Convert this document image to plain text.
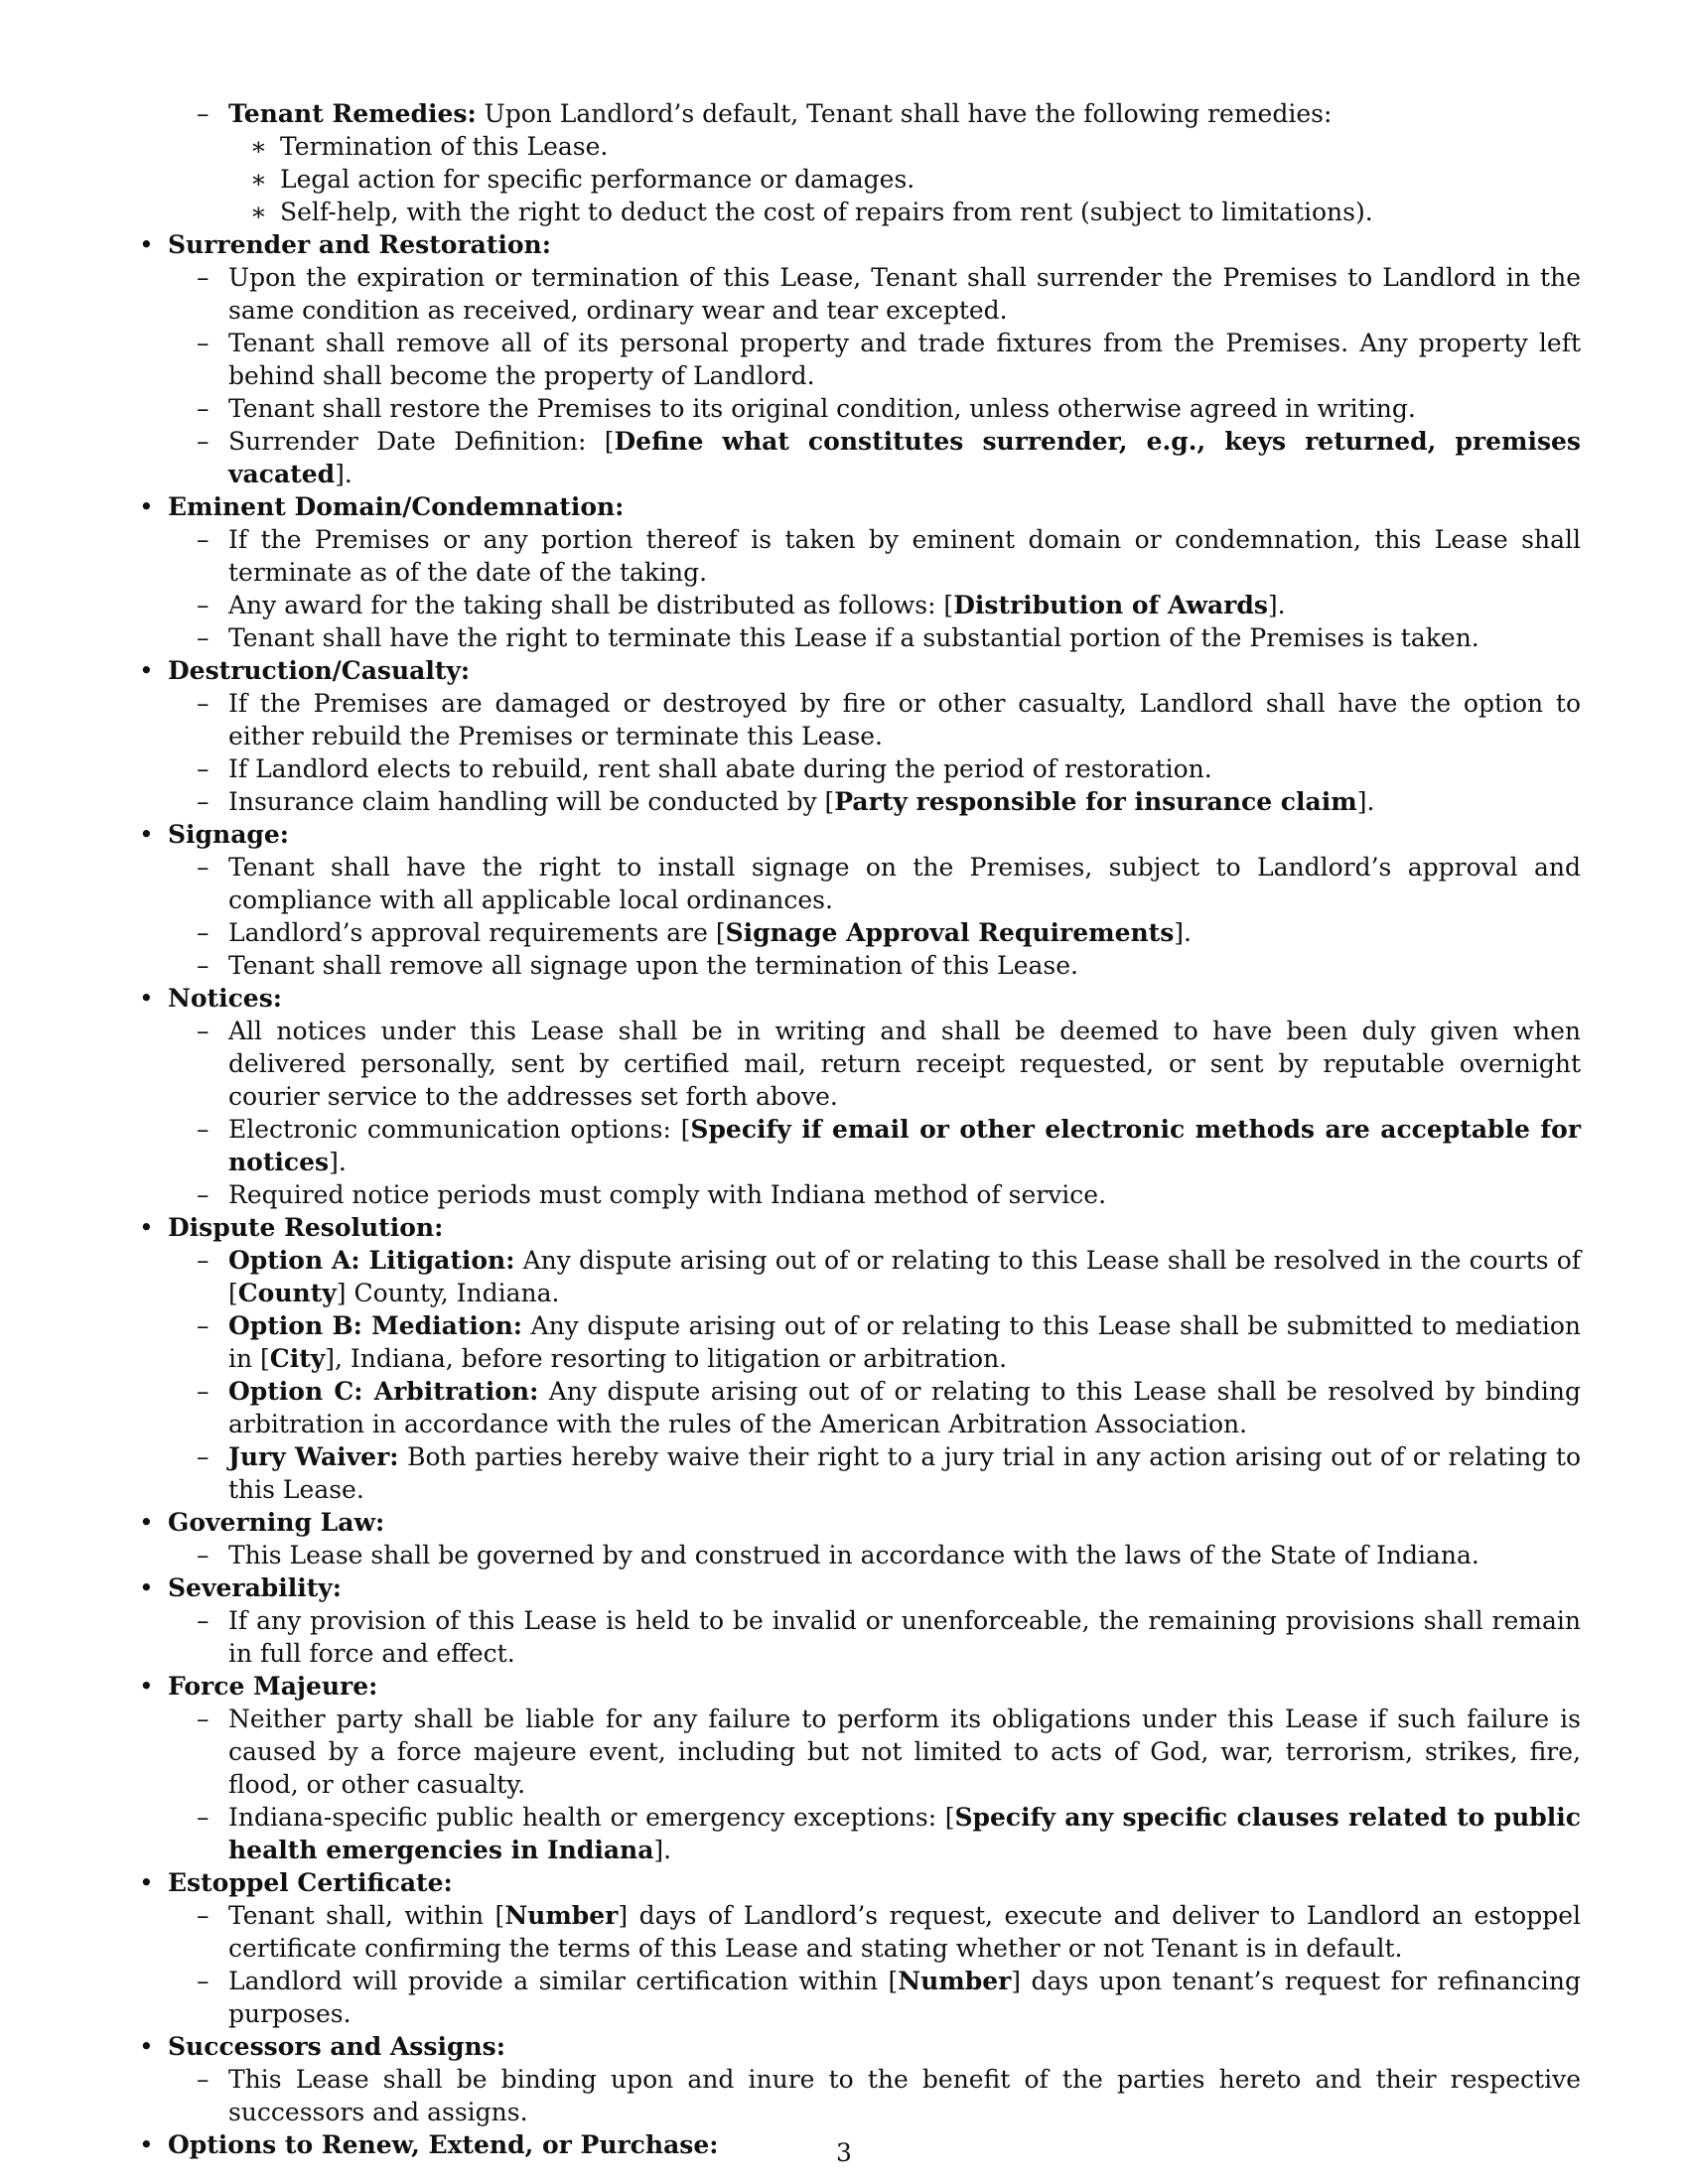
– Tenant Remedies: Upon Landlord’s default, Tenant shall have the following remedies:
∗ Termination of this Lease.
∗ Legal action for specific performance or damages.
∗ Self-help, with the right to deduct the cost of repairs from rent (subject to limitations).
• Surrender and Restoration:
– Upon the expiration or termination of this Lease, Tenant shall surrender the Premises to Landlord in the same condition as received, ordinary wear and tear excepted.
– Tenant shall remove all of its personal property and trade fixtures from the Premises. Any property left behind shall become the property of Landlord.
– Tenant shall restore the Premises to its original condition, unless otherwise agreed in writing.
– Surrender Date Definition: [Define what constitutes surrender, e.g., keys returned, premises vacated].
• Eminent Domain/Condemnation:
– If the Premises or any portion thereof is taken by eminent domain or condemnation, this Lease shall terminate as of the date of the taking.
– Any award for the taking shall be distributed as follows: [Distribution of Awards].
– Tenant shall have the right to terminate this Lease if a substantial portion of the Premises is taken.
• Destruction/Casualty:
– If the Premises are damaged or destroyed by fire or other casualty, Landlord shall have the option to either rebuild the Premises or terminate this Lease.
– If Landlord elects to rebuild, rent shall abate during the period of restoration.
– Insurance claim handling will be conducted by [Party responsible for insurance claim].
• Signage:
– Tenant shall have the right to install signage on the Premises, subject to Landlord’s approval and compliance with all applicable local ordinances.
– Landlord’s approval requirements are [Signage Approval Requirements].
– Tenant shall remove all signage upon the termination of this Lease.
• Notices:
– All notices under this Lease shall be in writing and shall be deemed to have been duly given when delivered personally, sent by certified mail, return receipt requested, or sent by reputable overnight courier service to the addresses set forth above.
– Electronic communication options: [Specify if email or other electronic methods are acceptable for notices].
– Required notice periods must comply with Indiana method of service.
• Dispute Resolution:
– Option A: Litigation: Any dispute arising out of or relating to this Lease shall be resolved in the courts of [County] County, Indiana.
– Option B: Mediation: Any dispute arising out of or relating to this Lease shall be submitted to mediation in [City], Indiana, before resorting to litigation or arbitration.
– Option C: Arbitration: Any dispute arising out of or relating to this Lease shall be resolved by binding arbitration in accordance with the rules of the American Arbitration Association.
– Jury Waiver: Both parties hereby waive their right to a jury trial in any action arising out of or relating to this Lease.
• Governing Law:
– This Lease shall be governed by and construed in accordance with the laws of the State of Indiana.
• Severability:
– If any provision of this Lease is held to be invalid or unenforceable, the remaining provisions shall remain in full force and effect.
• Force Majeure:
– Neither party shall be liable for any failure to perform its obligations under this Lease if such failure is caused by a force majeure event, including but not limited to acts of God, war, terrorism, strikes, fire, flood, or other casualty.
– Indiana-specific public health or emergency exceptions: [Specify any specific clauses related to public health emergencies in Indiana].
• Estoppel Certificate:
– Tenant shall, within [Number] days of Landlord’s request, execute and deliver to Landlord an estoppel certificate confirming the terms of this Lease and stating whether or not Tenant is in default.
– Landlord will provide a similar certification within [Number] days upon tenant’s request for refinancing purposes.
• Successors and Assigns:
– This Lease shall be binding upon and inure to the benefit of the parties hereto and their respective successors and assigns.
• Options to Renew, Extend, or Purchase:	3
